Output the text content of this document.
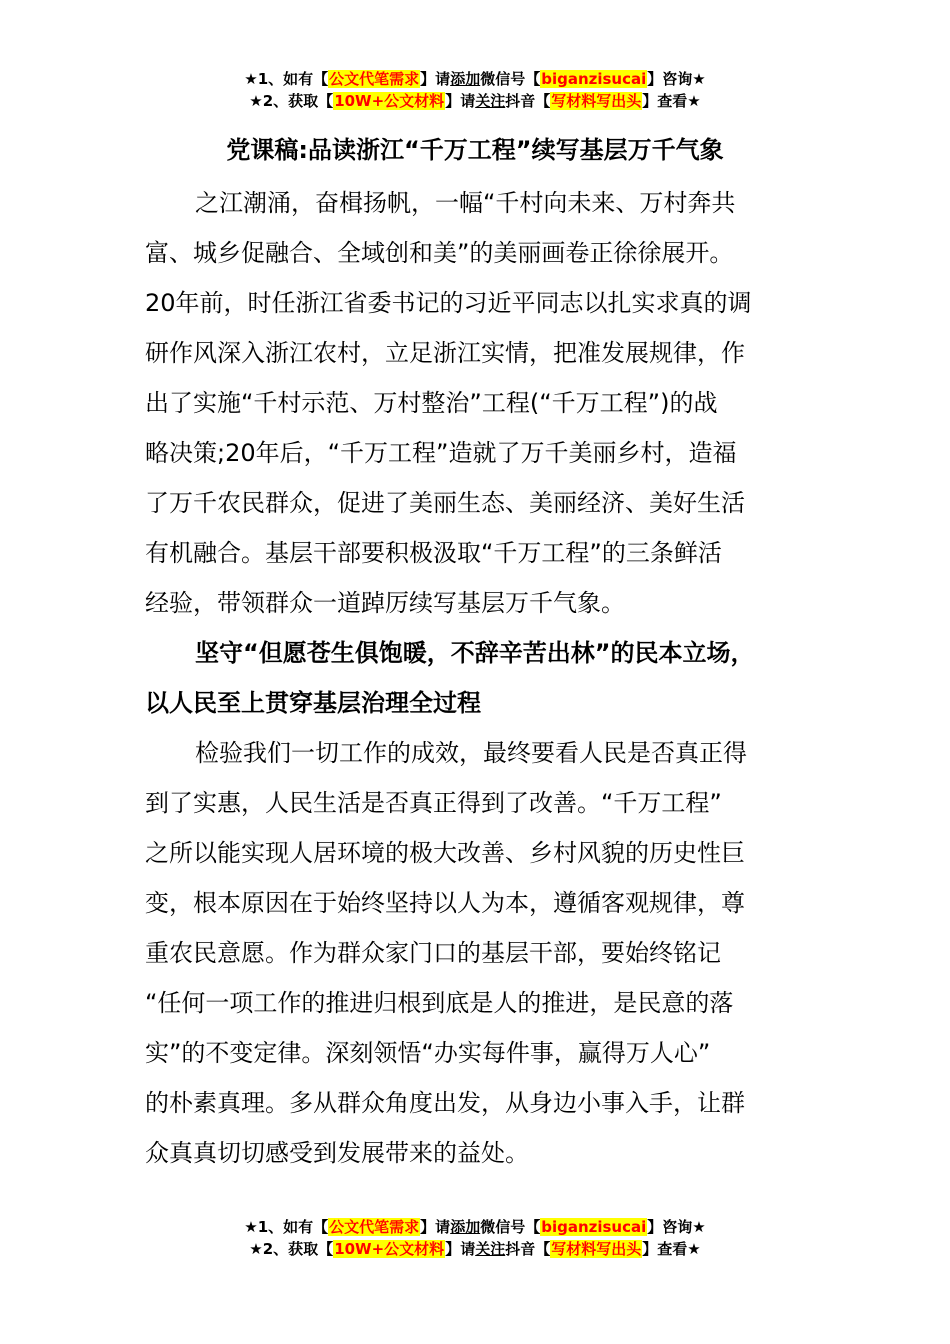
★1、如有【公文代笔需求】请添加微信号【biganzisucai】咨询★
★2、获取【10W+公文材料】请关注抖音【写材料写出头】查看★
党课稿:品读浙江“千万工程”续写基层万千气象
之江潮涌，奋楫扬帆，一幅“千村向未来、万村奔共
富、城乡促融合、全域创和美”的美丽画卷正徐徐展开。
20年前，时任浙江省委书记的习近平同志以扎实求真的调
研作风深入浙江农村，立足浙江实情，把准发展规律，作
出了实施“千村示范、万村整治”工程(“千万工程”)的战
略决策;20年后，“千万工程”造就了万千美丽乡村，造福
了万千农民群众，促进了美丽生态、美丽经济、美好生活
有机融合。基层干部要积极汲取“千万工程”的三条鲜活
经验，带领群众一道踔厉续写基层万千气象。
坚守“但愿苍生俱饱暖，不辞辛苦出林”的民本立场，
以人民至上贯穿基层治理全过程
检验我们一切工作的成效，最终要看人民是否真正得
到了实惠，人民生活是否真正得到了改善。“千万工程”
之所以能实现人居环境的极大改善、乡村风貌的历史性巨
变，根本原因在于始终坚持以人为本，遵循客观规律，尊
重农民意愿。作为群众家门口的基层干部，要始终铭记
“任何一项工作的推进归根到底是人的推进，是民意的落
实”的不变定律。深刻领悟“办实每件事，赢得万人心”
的朴素真理。多从群众角度出发，从身边小事入手，让群
众真真切切感受到发展带来的益处。
★1、如有【公文代笔需求】请添加微信号【biganzisucai】咨询★
★2、获取【10W+公文材料】请关注抖音【写材料写出头】查看★
